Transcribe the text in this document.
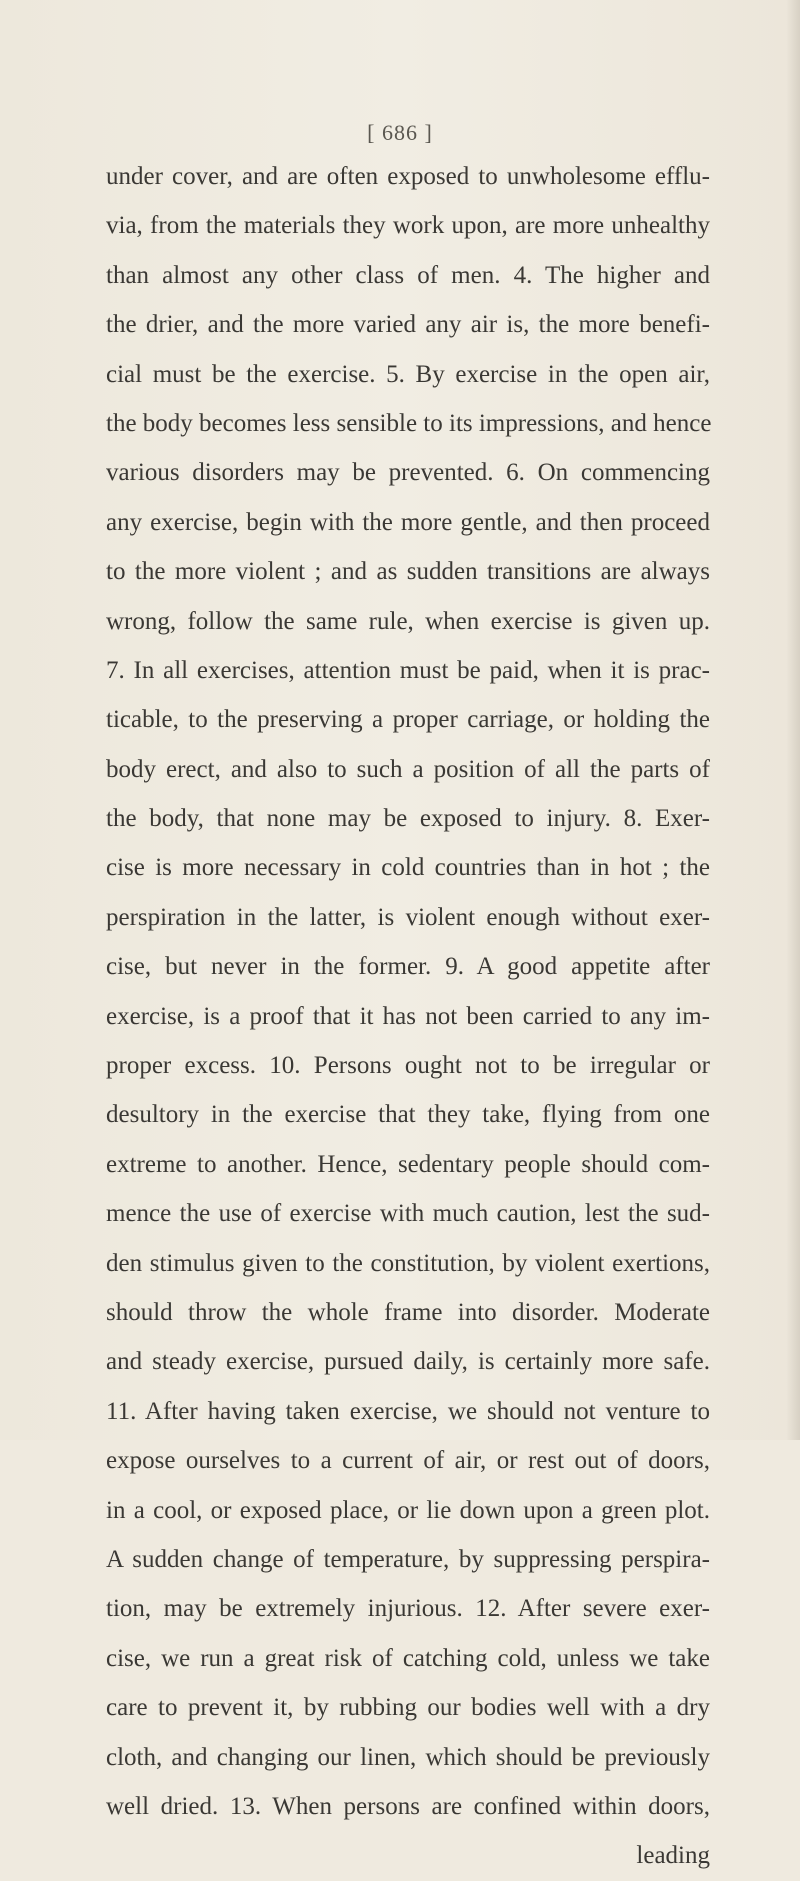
[ 686 ]
under cover, and are often exposed to unwholesome efflu-
via, from the materials they work upon, are more unhealthy
than almost any other class of men. 4. The higher and
the drier, and the more varied any air is, the more benefi-
cial must be the exercise. 5. By exercise in the open air,
the body becomes less sensible to its impressions, and hence
various disorders may be prevented. 6. On commencing
any exercise, begin with the more gentle, and then proceed
to the more violent ; and as sudden transitions are always
wrong, follow the same rule, when exercise is given up.
7. In all exercises, attention must be paid, when it is prac-
ticable, to the preserving a proper carriage, or holding the
body erect, and also to such a position of all the parts of
the body, that none may be exposed to injury. 8. Exer-
cise is more necessary in cold countries than in hot ; the
perspiration in the latter, is violent enough without exer-
cise, but never in the former. 9. A good appetite after
exercise, is a proof that it has not been carried to any im-
proper excess. 10. Persons ought not to be irregular or
desultory in the exercise that they take, flying from one
extreme to another. Hence, sedentary people should com-
mence the use of exercise with much caution, lest the sud-
den stimulus given to the constitution, by violent exertions,
should throw the whole frame into disorder. Moderate
and steady exercise, pursued daily, is certainly more safe.
11. After having taken exercise, we should not venture to
expose ourselves to a current of air, or rest out of doors,
in a cool, or exposed place, or lie down upon a green plot.
A sudden change of temperature, by suppressing perspira-
tion, may be extremely injurious. 12. After severe exer-
cise, we run a great risk of catching cold, unless we take
care to prevent it, by rubbing our bodies well with a dry
cloth, and changing our linen, which should be previously
well dried. 13. When persons are confined within doors,
leading
